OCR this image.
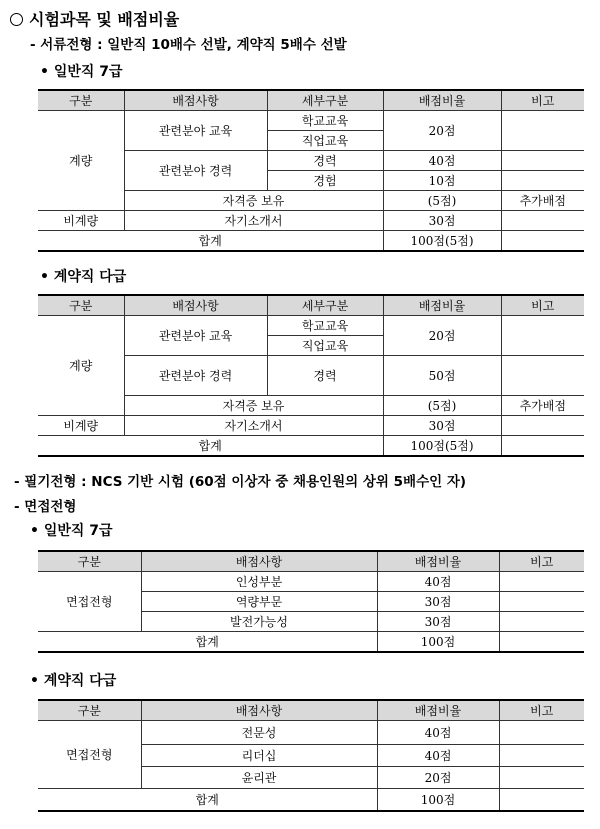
시험과목 및 배점비율
- 서류전형 : 일반직 10배수 선발, 계약직 5배수 선발
• 일반직 7급
구분	배점사항	세부구분	배점비율	비고
계량	관련분야 교육	학교교육	20점	
		직업교육		
	관련분야 경력	경력	40점	
		경험	10점	
	자격증 보유		(5점)	추가배점
비계량	자기소개서		30점	
합계			100점(5점)	
• 계약직 다급
구분	배점사항	세부구분	배점비율	비고
계량	관련분야 교육	학교교육	20점	
		직업교육		
	관련분야 경력	경력	50점	
	자격증 보유		(5점)	추가배점
비계량	자기소개서		30점	
합계			100점(5점)	
- 필기전형 : NCS 기반 시험 (60점 이상자 중 채용인원의 상위 5배수인 자)
- 면접전형
• 일반직 7급
구분	배점사항	배점비율	비고
면접전형	인성부분	40점	
	역량부문	30점	
	발전가능성	30점	
합계		100점	
• 계약직 다급
구분	배점사항	배점비율	비고
면접전형	전문성	40점	
	리더십	40점	
	윤리관	20점	
합계		100점	
